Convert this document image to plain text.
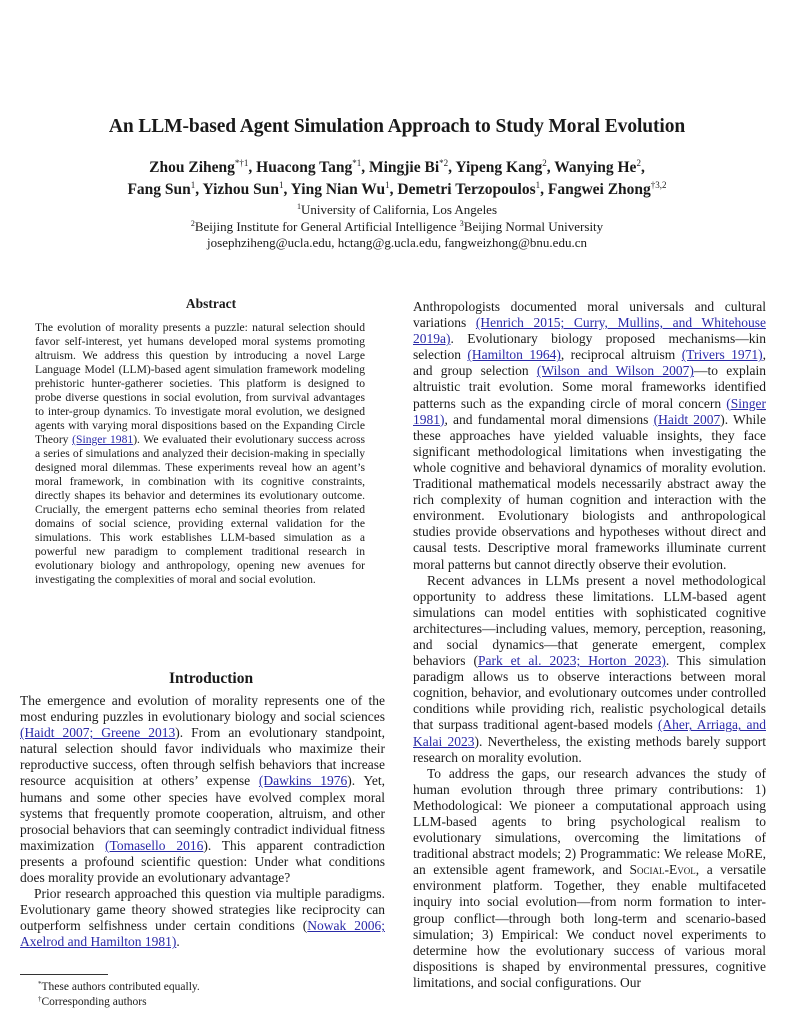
An LLM-based Agent Simulation Approach to Study Moral Evolution
Zhou Ziheng$^{*\dagger 1}$, Huacong Tang$^{*1}$, Mingjie Bi$^{*2}$, Yipeng Kang$^2$, Wanying He$^2$,
Fang Sun$^1$, Yizhou Sun$^1$, Ying Nian Wu$^1$, Demetri Terzopoulos$^1$, Fangwei Zhong$^{\dagger 3,2}$
$^1$University of California, Los Angeles
$^2$Beijing Institute for General Artificial Intelligence $^3$Beijing Normal University
josephziheng@ucla.edu, hctang@g.ucla.edu, fangweizhong@bnu.edu.cn
Abstract
The evolution of morality presents a puzzle: natural selection should favor self-interest, yet humans developed moral systems promoting altruism. We address this question by introducing a novel Large Language Model (LLM)-based agent simulation framework modeling prehistoric hunter-gatherer societies. This platform is designed to probe diverse questions in social evolution, from survival advantages to inter-group dynamics. To investigate moral evolution, we designed agents with varying moral dispositions based on the Expanding Circle Theory (Singer 1981). We evaluated their evolutionary success across a series of simulations and analyzed their decision-making in specially designed moral dilemmas. These experiments reveal how an agent’s moral framework, in combination with its cognitive constraints, directly shapes its behavior and determines its evolutionary outcome. Crucially, the emergent patterns echo seminal theories from related domains of social science, providing external validation for the simulations. This work establishes LLM-based simulation as a powerful new paradigm to complement traditional research in evolutionary biology and anthropology, opening new avenues for investigating the complexities of moral and social evolution.
Introduction

The emergence and evolution of morality represents one of the most enduring puzzles in evolutionary biology and social sciences (Haidt 2007; Greene 2013). From an evolutionary standpoint, natural selection should favor individuals who maximize their reproductive success, often through selfish behaviors that increase resource acquisition at others’ expense (Dawkins 1976). Yet, humans and some other species have evolved complex moral systems that frequently promote cooperation, altruism, and other prosocial behaviors that can seemingly contradict individual fitness maximization (Tomasello 2016). This apparent contradiction presents a profound scientific question: Under what conditions does morality provide an evolutionary advantage?

Prior research approached this question via multiple paradigms. Evolutionary game theory showed strategies like reciprocity can outperform selfishness under certain conditions (Nowak 2006; Axelrod and Hamilton 1981).

Anthropologists documented moral universals and cultural variations (Henrich 2015; Curry, Mullins, and Whitehouse 2019a). Evolutionary biology proposed mechanisms—kin selection (Hamilton 1964), reciprocal altruism (Trivers 1971), and group selection (Wilson and Wilson 2007)—to explain altruistic trait evolution. Some moral frameworks identified patterns such as the expanding circle of moral concern (Singer 1981), and fundamental moral dimensions (Haidt 2007). While these approaches have yielded valuable insights, they face significant methodological limitations when investigating the whole cognitive and behavioral dynamics of morality evolution. Traditional mathematical models necessarily abstract away the rich complexity of human cognition and interaction with the environment. Evolutionary biologists and anthropological studies provide observations and hypotheses without direct and causal tests. Descriptive moral frameworks illuminate current moral patterns but cannot directly observe their evolution.

Recent advances in LLMs present a novel methodological opportunity to address these limitations. LLM-based agent simulations can model entities with sophisticated cognitive architectures—including values, memory, perception, reasoning, and social dynamics—that generate emergent, complex behaviors (Park et al. 2023; Horton 2023). This simulation paradigm allows us to observe interactions between moral cognition, behavior, and evolutionary outcomes under controlled conditions while providing rich, realistic psychological details that surpass traditional agent-based models (Aher, Arriaga, and Kalai 2023). Nevertheless, the existing methods barely support research on morality evolution.

To address the gaps, our research advances the study of human evolution through three primary contributions: 1) Methodological: We pioneer a computational approach using LLM-based agents to bring psychological realism to evolutionary simulations, overcoming the limitations of traditional abstract models; 2) Programmatic: We release MoRE, an extensible agent framework, and Social-Evol, a versatile environment platform. Together, they enable multifaceted inquiry into social evolution—from norm formation to inter-group conflict—through both long-term and scenario-based simulation; 3) Empirical: We conduct novel experiments to determine how the evolutionary success of various moral dispositions is shaped by environmental pressures, cognitive limitations, and social configurations. Our

*These authors contributed equally.
†Corresponding authors
